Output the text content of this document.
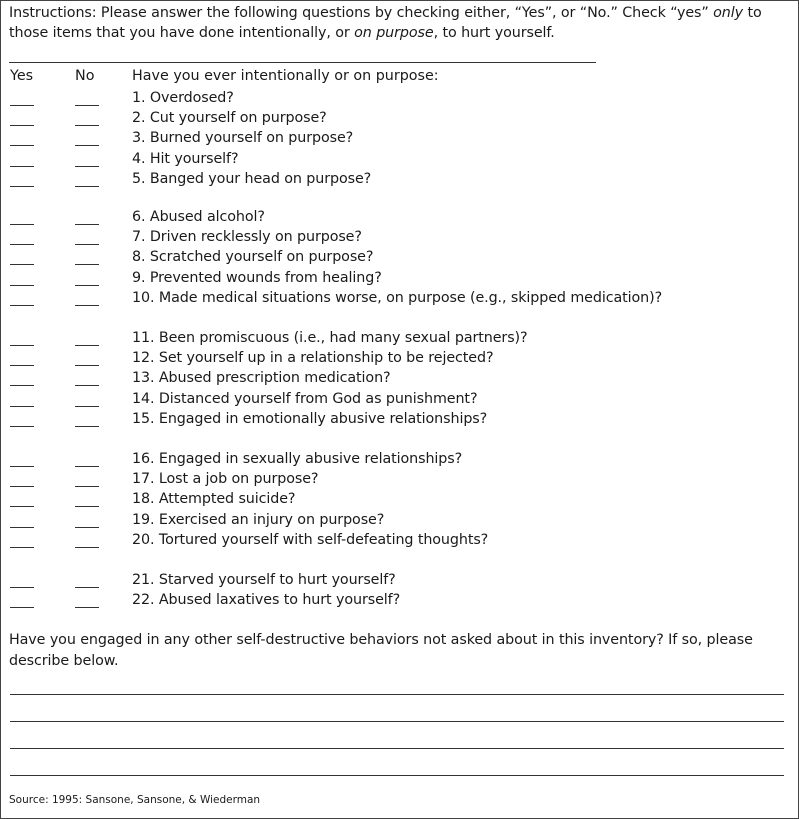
Instructions: Please answer the following questions by checking either, “Yes”, or “No.” Check “yes” only to those items that you have done intentionally, or on purpose, to hurt yourself.
Yes	No	Have you ever intentionally or on purpose:
1. Overdosed?
2. Cut yourself on purpose?
3. Burned yourself on purpose?
4. Hit yourself?
5. Banged your head on purpose?
6. Abused alcohol?
7. Driven recklessly on purpose?
8. Scratched yourself on purpose?
9. Prevented wounds from healing?
10. Made medical situations worse, on purpose (e.g., skipped medication)?
11. Been promiscuous (i.e., had many sexual partners)?
12. Set yourself up in a relationship to be rejected?
13. Abused prescription medication?
14. Distanced yourself from God as punishment?
15. Engaged in emotionally abusive relationships?
16. Engaged in sexually abusive relationships?
17. Lost a job on purpose?
18. Attempted suicide?
19. Exercised an injury on purpose?
20. Tortured yourself with self-defeating thoughts?
21. Starved yourself to hurt yourself?
22. Abused laxatives to hurt yourself?
Have you engaged in any other self-destructive behaviors not asked about in this inventory? If so, please describe below.
Source: 1995: Sansone, Sansone, & Wiederman
